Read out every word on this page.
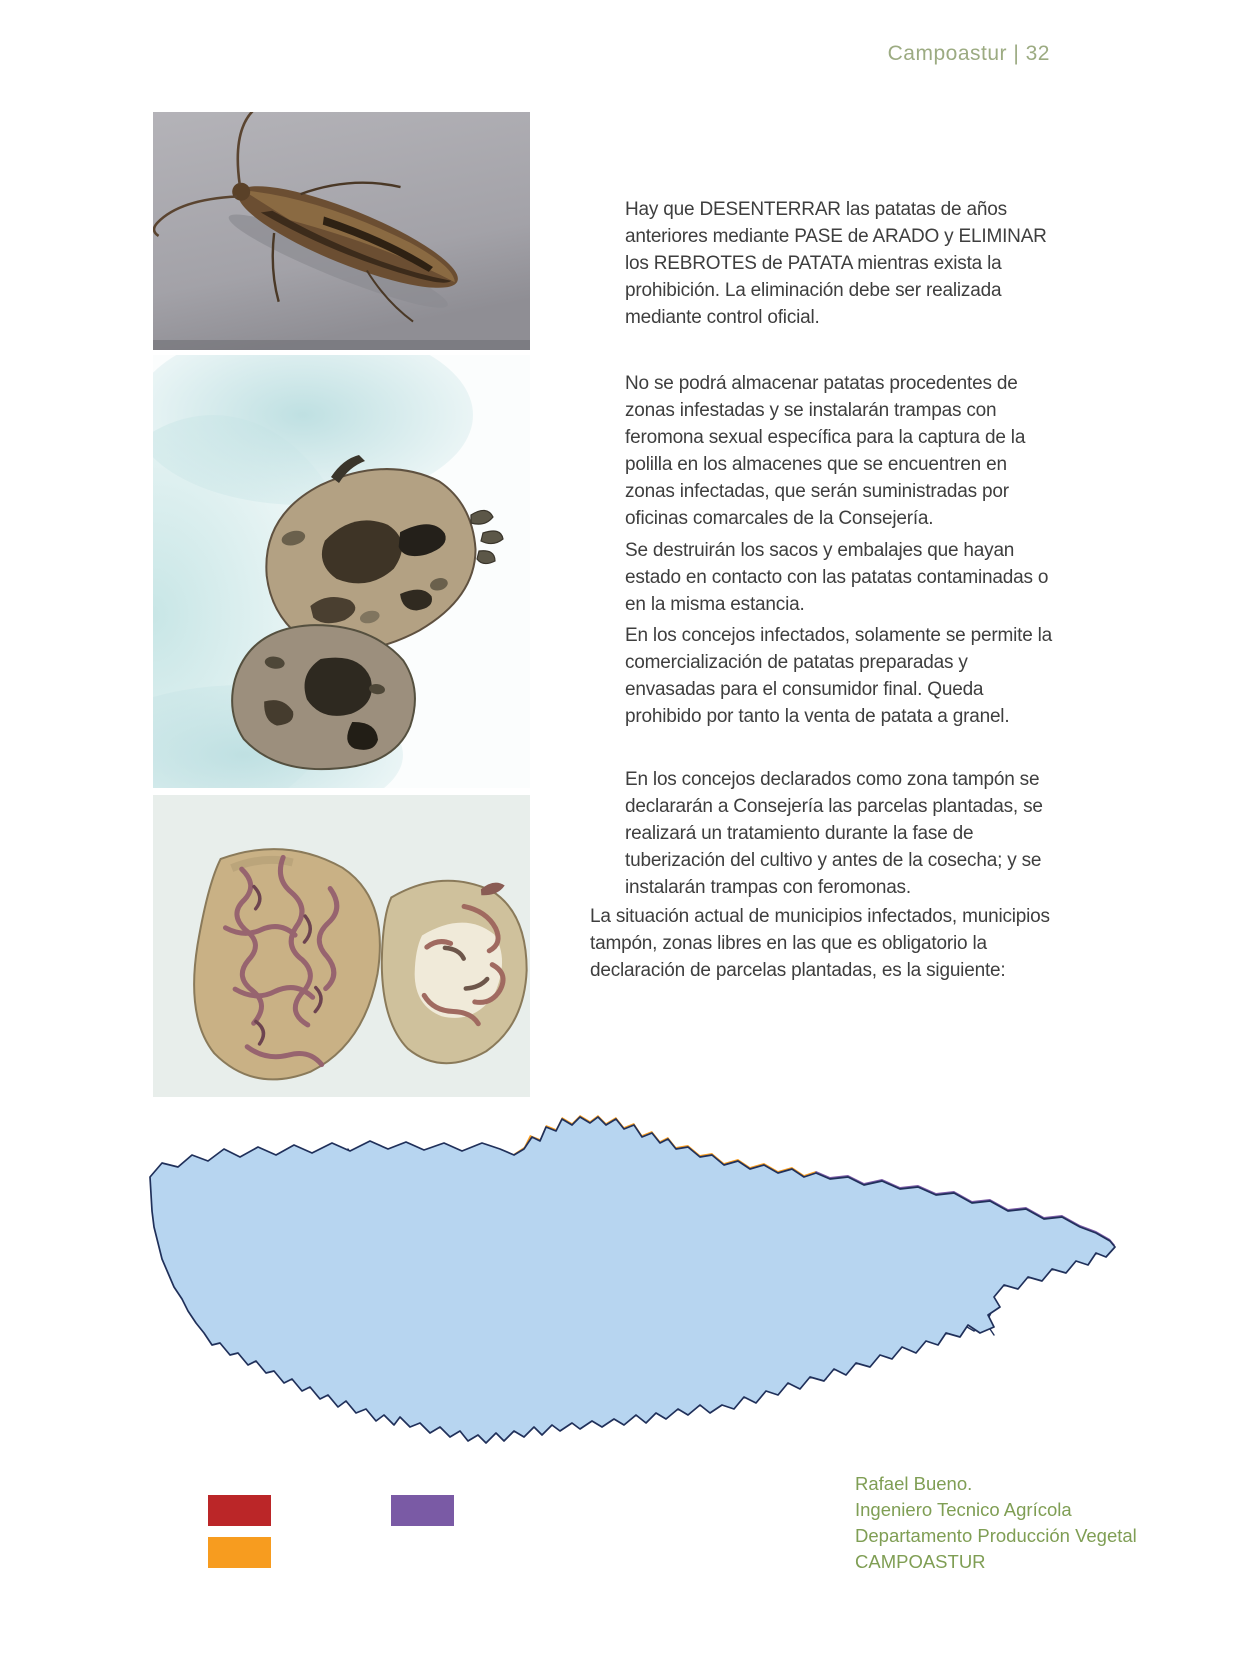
Campoastur | 32
Hay que DESENTERRAR las patatas de años anteriores mediante PASE de ARADO y ELIMINAR los REBROTES de PATATA mientras exista la prohibición. La eliminación debe ser realizada mediante control oficial.
No se podrá almacenar patatas procedentes de zonas infestadas y se instalarán trampas con feromona sexual específica para la captura de la polilla en los almacenes que se encuentren en zonas infectadas, que serán suministradas por oficinas comarcales de la Consejería.
Se destruirán los sacos y embalajes que hayan estado en contacto con las patatas contaminadas o en la misma estancia.
En los concejos infectados, solamente se permite la comercialización de patatas preparadas y envasadas para el consumidor final. Queda prohibido por tanto la venta de patata a granel.
En los concejos declarados como zona tampón se declararán a Consejería las parcelas plantadas, se realizará un tratamiento durante la fase de tuberización del cultivo y antes de la cosecha; y se instalarán trampas con feromonas.
La situación actual de municipios infectados, municipios tampón, zonas libres en las que es obligatorio la declaración de parcelas plantadas, es la siguiente:
Rafael Bueno.
Ingeniero Tecnico Agrícola
Departamento Producción Vegetal
CAMPOASTUR
